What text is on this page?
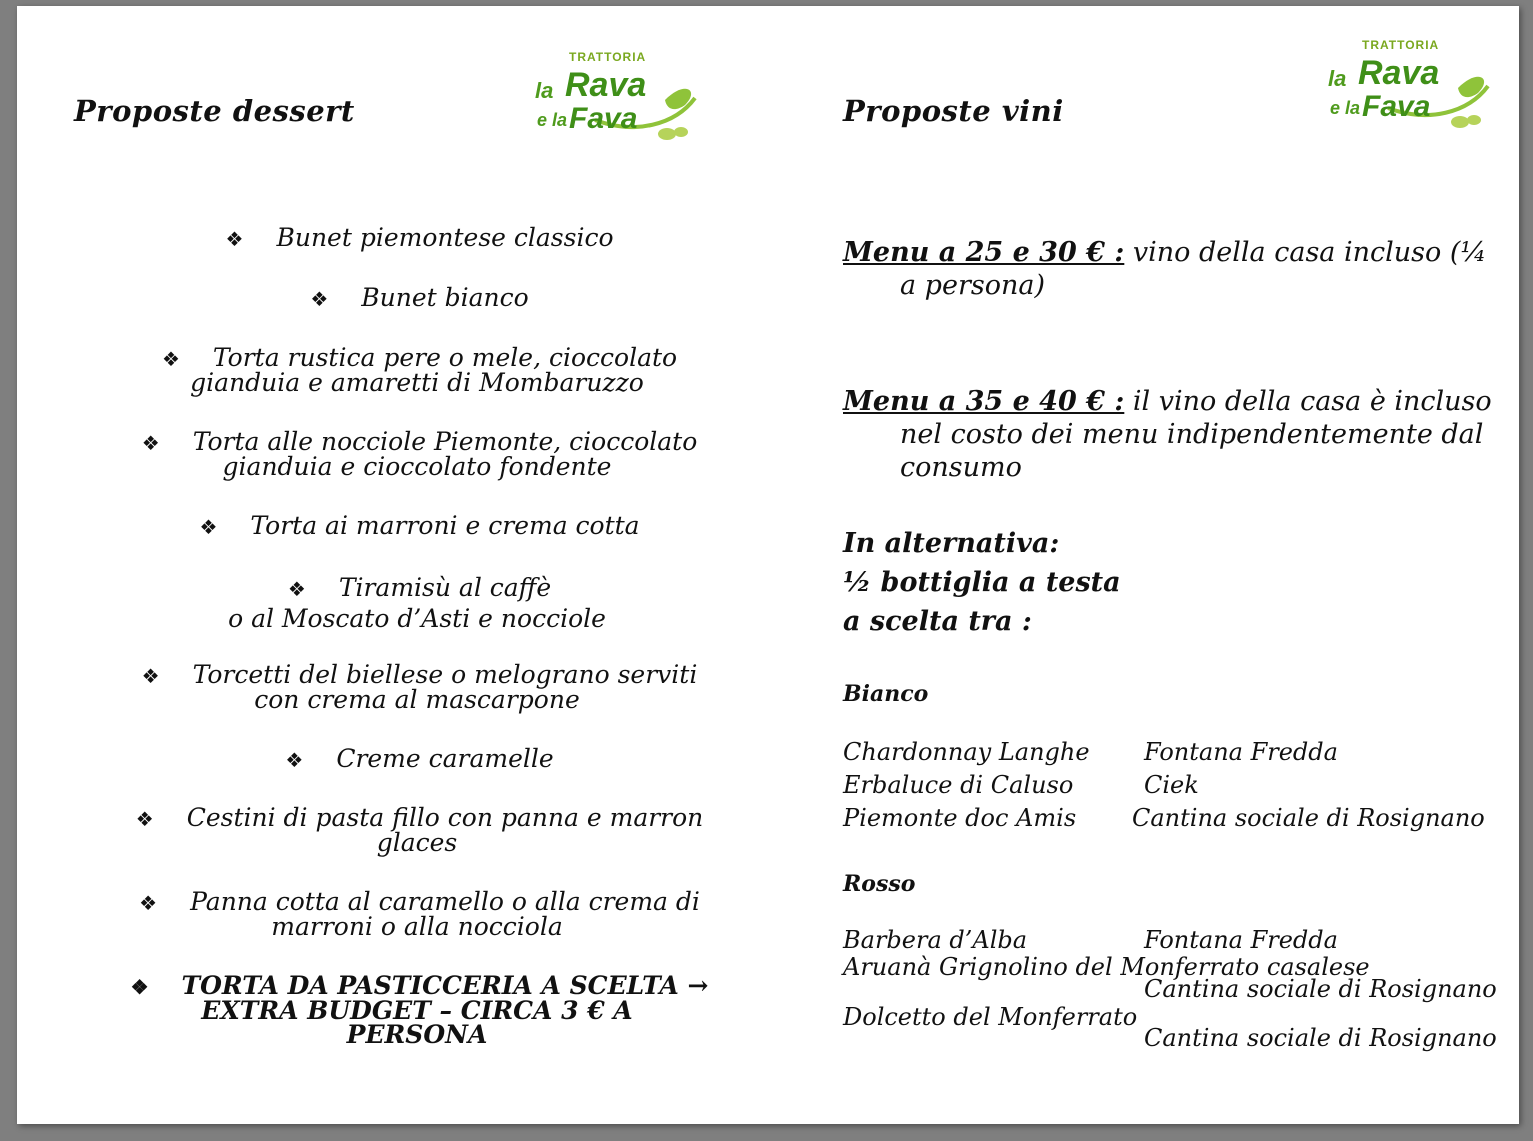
Proposte dessert
TRATTORIA
la Rava
e la Fava
❖ Bunet piemontese classico
❖ Bunet bianco
❖ Torta rustica pere o mele, cioccolato
gianduia e amaretti di Mombaruzzo
❖ Torta alle nocciole Piemonte, cioccolato
gianduia e cioccolato fondente
❖ Torta ai marroni e crema cotta
❖ Tiramisù al caffè
o al Moscato d’Asti e nocciole
❖ Torcetti del biellese o melograno serviti
con crema al mascarpone
❖ Creme caramelle
❖ Cestini di pasta fillo con panna e marron
glaces
❖ Panna cotta al caramello o alla crema di
marroni o alla nocciola
❖ TORTA DA PASTICCERIA A SCELTA →
EXTRA BUDGET – CIRCA 3 € A
PERSONA
Proposte vini
TRATTORIA
la Rava
e la Fava
Menu a 25 e 30 € : vino della casa incluso (¼
a persona)
Menu a 35 e 40 € : il vino della casa è incluso
nel costo dei menu indipendentemente dal
consumo
In alternativa:
½ bottiglia a testa
a scelta tra :
Bianco
Chardonnay Langhe Fontana Fredda
Erbaluce di Caluso	Ciek
Piemonte doc Amis Cantina sociale di Rosignano
Rosso
Barbera d’Alba	Fontana Fredda
Aruanà Grignolino del Monferrato casalese
Cantina sociale di Rosignano
Dolcetto del Monferrato
Cantina sociale di Rosignano
